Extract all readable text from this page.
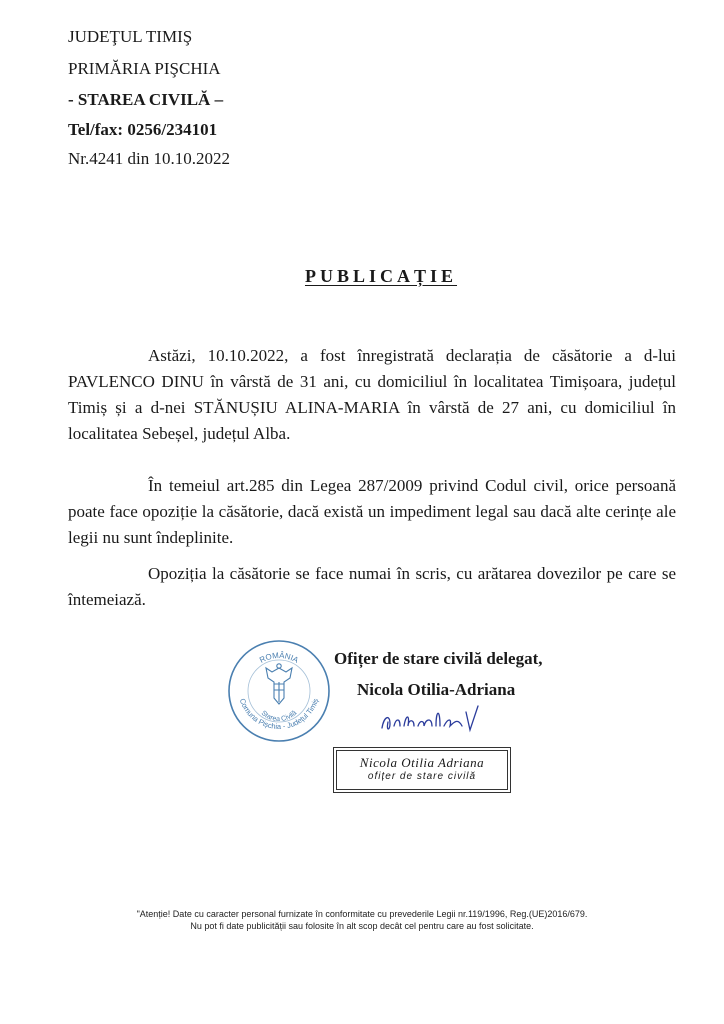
JUDEŢUL TIMIŞ
PRIMĂRIA PIŞCHIA
- STAREA CIVILĂ –
Tel/fax: 0256/234101
Nr.4241 din 10.10.2022
PUBLICAȚIE

Astăzi, 10.10.2022, a fost înregistrată declarația de căsătorie a d-lui PAVLENCO DINU în vârstă de 31 ani, cu domiciliul în localitatea Timișoara, județul Timiș și a d-nei STĂNUȘIU ALINA-MARIA în vârstă de 27 ani, cu domiciliul în localitatea Sebeșel, județul Alba.

În temeiul art.285 din Legea 287/2009 privind Codul civil, orice persoană poate face opoziție la căsătorie, dacă există un impediment legal sau dacă alte cerințe ale legii nu sunt îndeplinite.

Opoziția la căsătorie se face numai în scris, cu arătarea dovezilor pe care se întemeiază.

ROMÂNIA
Comuna Pișchia - Județul Timiș
Starea Civilă
Ofițer de stare civilă delegat,
Nicola Otilia-Adriana
Nicola Otilia Adriana
ofițer de stare civilă
"Atenție! Date cu caracter personal furnizate în conformitate cu prevederile Legii nr.119/1996, Reg.(UE)2016/679.
Nu pot fi date publicității sau folosite în alt scop decât cel pentru care au fost solicitate.
